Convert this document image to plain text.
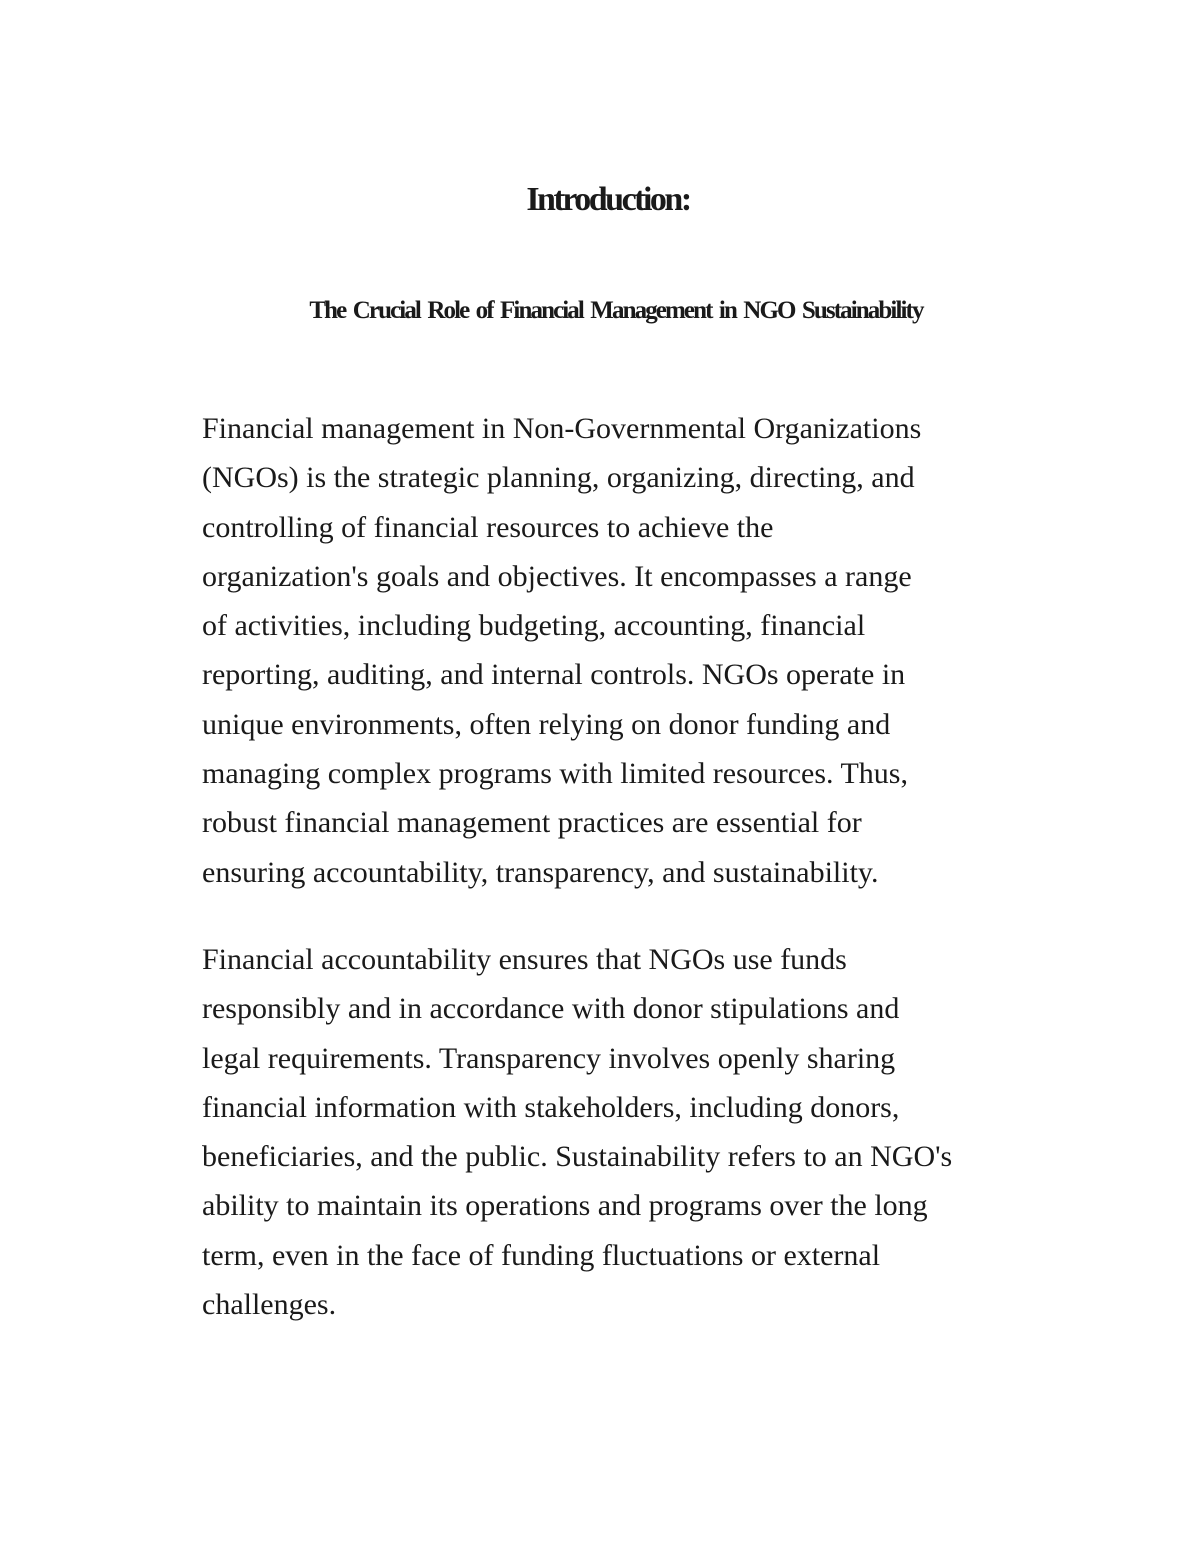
Introduction:
The Crucial Role of Financial Management in NGO Sustainability

Financial management in Non-Governmental Organizations
(NGOs) is the strategic planning, organizing, directing, and
controlling of financial resources to achieve the
organization's goals and objectives. It encompasses a range
of activities, including budgeting, accounting, financial
reporting, auditing, and internal controls. NGOs operate in
unique environments, often relying on donor funding and
managing complex programs with limited resources. Thus,
robust financial management practices are essential for
ensuring accountability, transparency, and sustainability.

Financial accountability ensures that NGOs use funds
responsibly and in accordance with donor stipulations and
legal requirements. Transparency involves openly sharing
financial information with stakeholders, including donors,
beneficiaries, and the public. Sustainability refers to an NGO's
ability to maintain its operations and programs over the long
term, even in the face of funding fluctuations or external
challenges.
